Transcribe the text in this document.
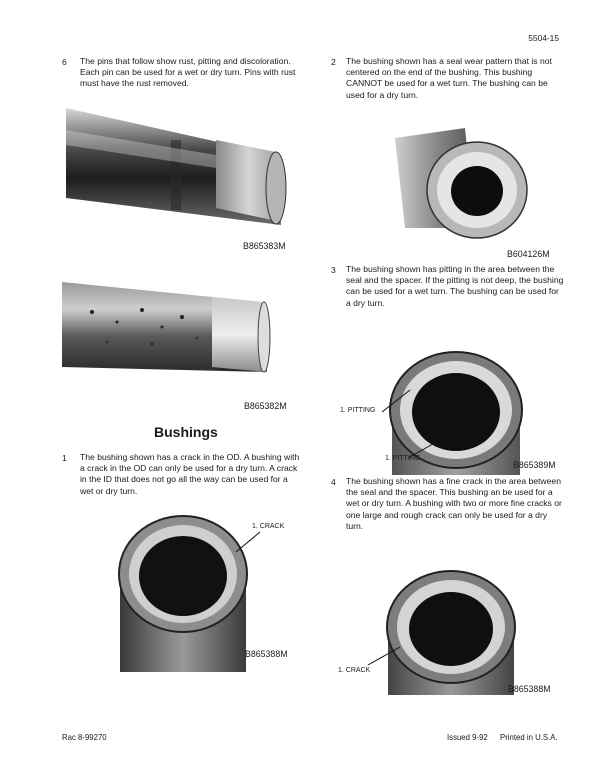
5504-15
6 The pins that follow show rust, pitting and discoloration. Each pin can be used for a wet or dry turn. Pins with rust must have the rust removed.
B865383M
B865382M
Bushings
1 The bushing shown has a crack in the OD. A bushing with a crack in the OD can only be used for a dry turn. A crack in the ID that does not go all the way can be used for a wet or dry turn.
1. CRACK
B865388M
2 The bushing shown has a seal wear pattern that is not centered on the end of the bushing. This bushing CANNOT be used for a wet turn. The bushing can be used for a dry turn.
B604126M
3 The bushing shown has pitting in the area between the seal and the spacer. If the pitting is not deep, the bushing can be used for a wet turn. The bushing can be used for a dry turn.
1. PITTING
1. PITTING
B865389M
4 The bushing shown has a fine crack in the area between the seal and the spacer. This bushing an be used for a wet or dry turn. A bushing with two or more fine cracks or one large and rough crack can only be used for a dry turn.
1. CRACK
B865388M
Rac 8-99270	Issued 9-92 Printed in U.S.A.
